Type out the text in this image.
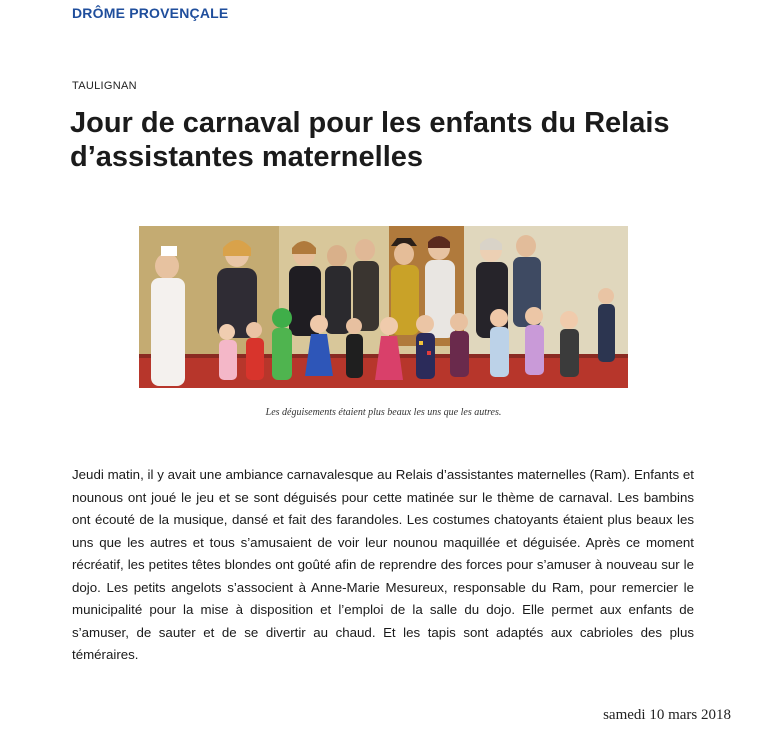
DRÔME PROVENÇALE
TAULIGNAN
Jour de carnaval pour les enfants du Relais d’assistantes maternelles
Les déguisements étaient plus beaux les uns que les autres.

Jeudi matin, il y avait une ambiance carnavalesque au Relais d’assistantes maternelles (Ram). Enfants et nounous ont joué le jeu et se sont déguisés pour cette matinée sur le thème de carnaval. Les bambins ont écouté de la musique, dansé et fait des farandoles. Les costumes chatoyants étaient plus beaux les uns que les autres et tous s’amusaient de voir leur nounou maquillée et déguisée. Après ce moment récréatif, les petites têtes blondes ont goûté afin de reprendre des forces pour s’amuser à nouveau sur le dojo. Les petits angelots s’associent à Anne-Marie Mesureux, responsable du Ram, pour remercier le municipalité pour la mise à disposition et l’emploi de la salle du dojo. Elle permet aux enfants de s’amuser, de sauter et de se divertir au chaud. Et les tapis sont adaptés aux cabrioles des plus téméraires.

samedi 10 mars 2018
